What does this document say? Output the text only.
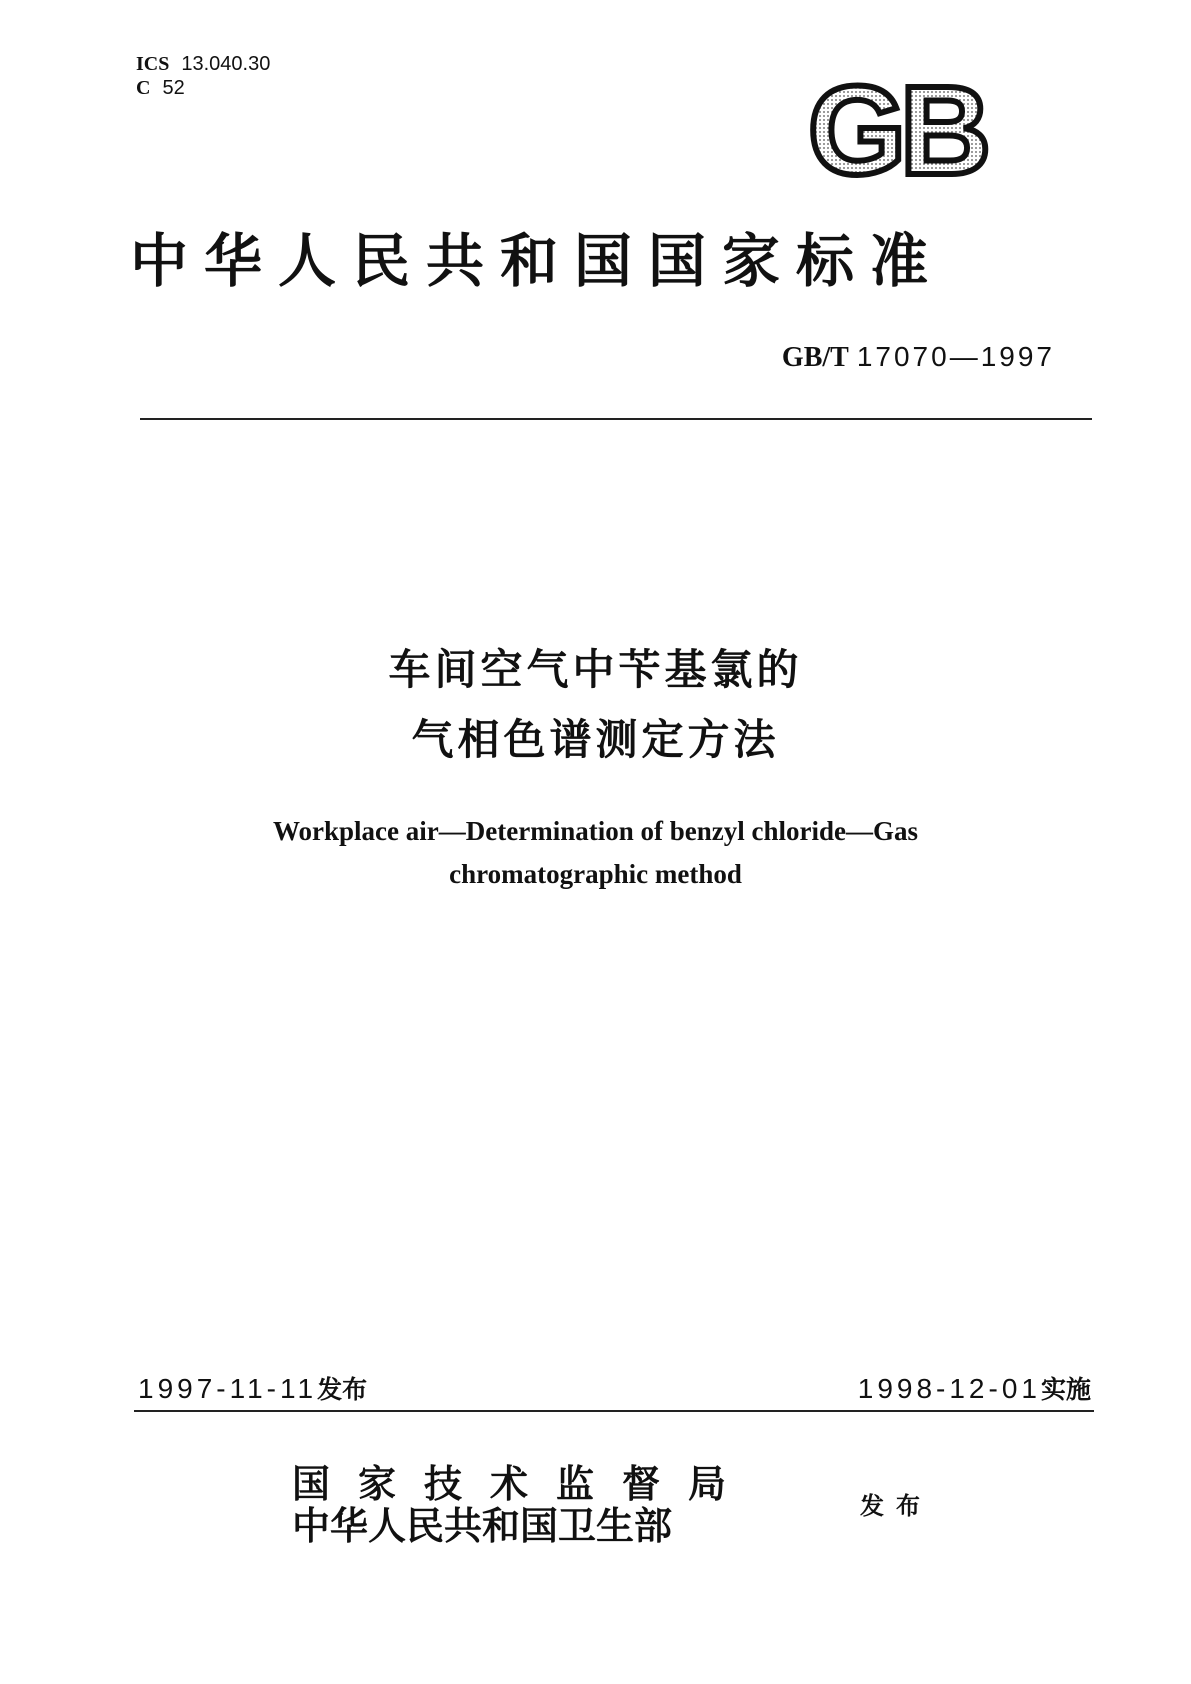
ICS 13.040.30
C 52	GB
中华人民共和国国家标准
GB/T 17070—1997
车间空气中苄基氯的
气相色谱测定方法
Workplace air—Determination of benzyl chloride—Gas
chromatographic method
1997-11-11发布	1998-12-01实施
国家技术监督局
中华人民共和国卫生部	发布
